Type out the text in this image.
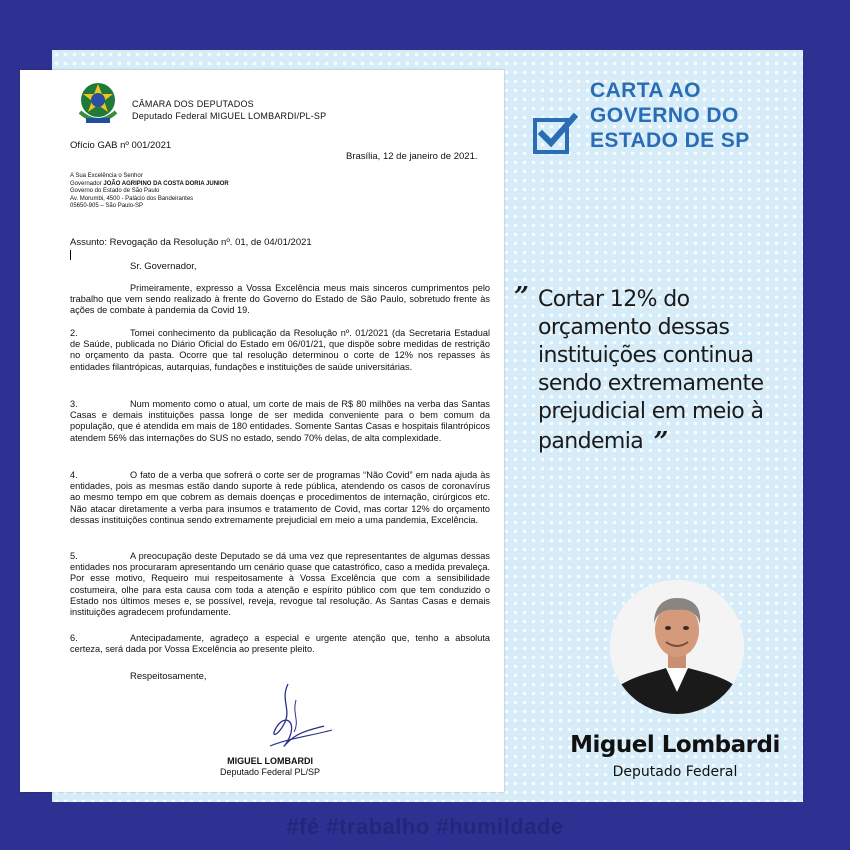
CÂMARA DOS DEPUTADOS
Deputado Federal MIGUEL LOMBARDI/PL-SP
Ofício GAB nº 001/2021
Brasília, 12 de janeiro de 2021.
A Sua Excelência o Senhor
Governador JOÃO AGRIPINO DA COSTA DORIA JUNIOR
Governo do Estado de São Paulo
Av. Morumbi, 4500 - Palácio dos Bandeirantes
05650-905 – São Paulo-SP
Assunto: Revogação da Resolução nº. 01, de 04/01/2021
Sr. Governador,
Primeiramente, expresso a Vossa Excelência meus mais sinceros cumprimentos pelo trabalho que vem sendo realizado à frente do Governo do Estado de São Paulo, sobretudo frente às ações de combate à pandemia da Covid 19.
2.	Tomei conhecimento da publicação da Resolução nº. 01/2021 (da Secretaria Estadual de Saúde, publicada no Diário Oficial do Estado em 06/01/21, que dispõe sobre medidas de restrição no orçamento da pasta. Ocorre que tal resolução determinou o corte de 12% nos repasses às entidades filantrópicas, autarquias, fundações e instituições de saúde universitárias.
3.	Num momento como o atual, um corte de mais de R$ 80 milhões na verba das Santas Casas e demais instituições passa longe de ser medida conveniente para o bem comum da população, que é atendida em mais de 180 entidades. Somente Santas Casas e hospitais filantrópicos atendem 56% das internações do SUS no estado, sendo 70% delas, de alta complexidade.
4.	O fato de a verba que sofrerá o corte ser de programas “Não Covid” em nada ajuda às entidades, pois as mesmas estão dando suporte à rede pública, atendendo os casos de coronavírus ao mesmo tempo em que cobrem as demais doenças e procedimentos de internação, cirúrgicos etc. Não atacar diretamente a verba para insumos e tratamento de Covid, mas cortar 12% do orçamento dessas instituições continua sendo extremamente prejudicial em meio a uma pandemia, Excelência.
5.	A preocupação deste Deputado se dá uma vez que representantes de algumas dessas entidades nos procuraram apresentando um cenário quase que catastrófico, caso a medida prevaleça. Por esse motivo, Requeiro mui respeitosamente à Vossa Excelência que com a sensibilidade costumeira, olhe para esta causa com toda a atenção e espírito público com que tem conduzido o Estado nos últimos meses e, se possível, reveja, revogue tal resolução. As Santas Casas e demais instituições agradecem profundamente.
6.	Antecipadamente, agradeço a especial e urgente atenção que, tenho a absoluta certeza, será dada por Vossa Excelência ao presente pleito.
Respeitosamente,
MIGUEL LOMBARDI
Deputado Federal PL/SP
CARTA AO
GOVERNO DO
ESTADO DE SP
” Cortar 12% do orçamento dessas instituições continua sendo extremamente prejudicial em meio à pandemia ”
Miguel Lombardi
Deputado Federal
#fé #trabalho #humildade
